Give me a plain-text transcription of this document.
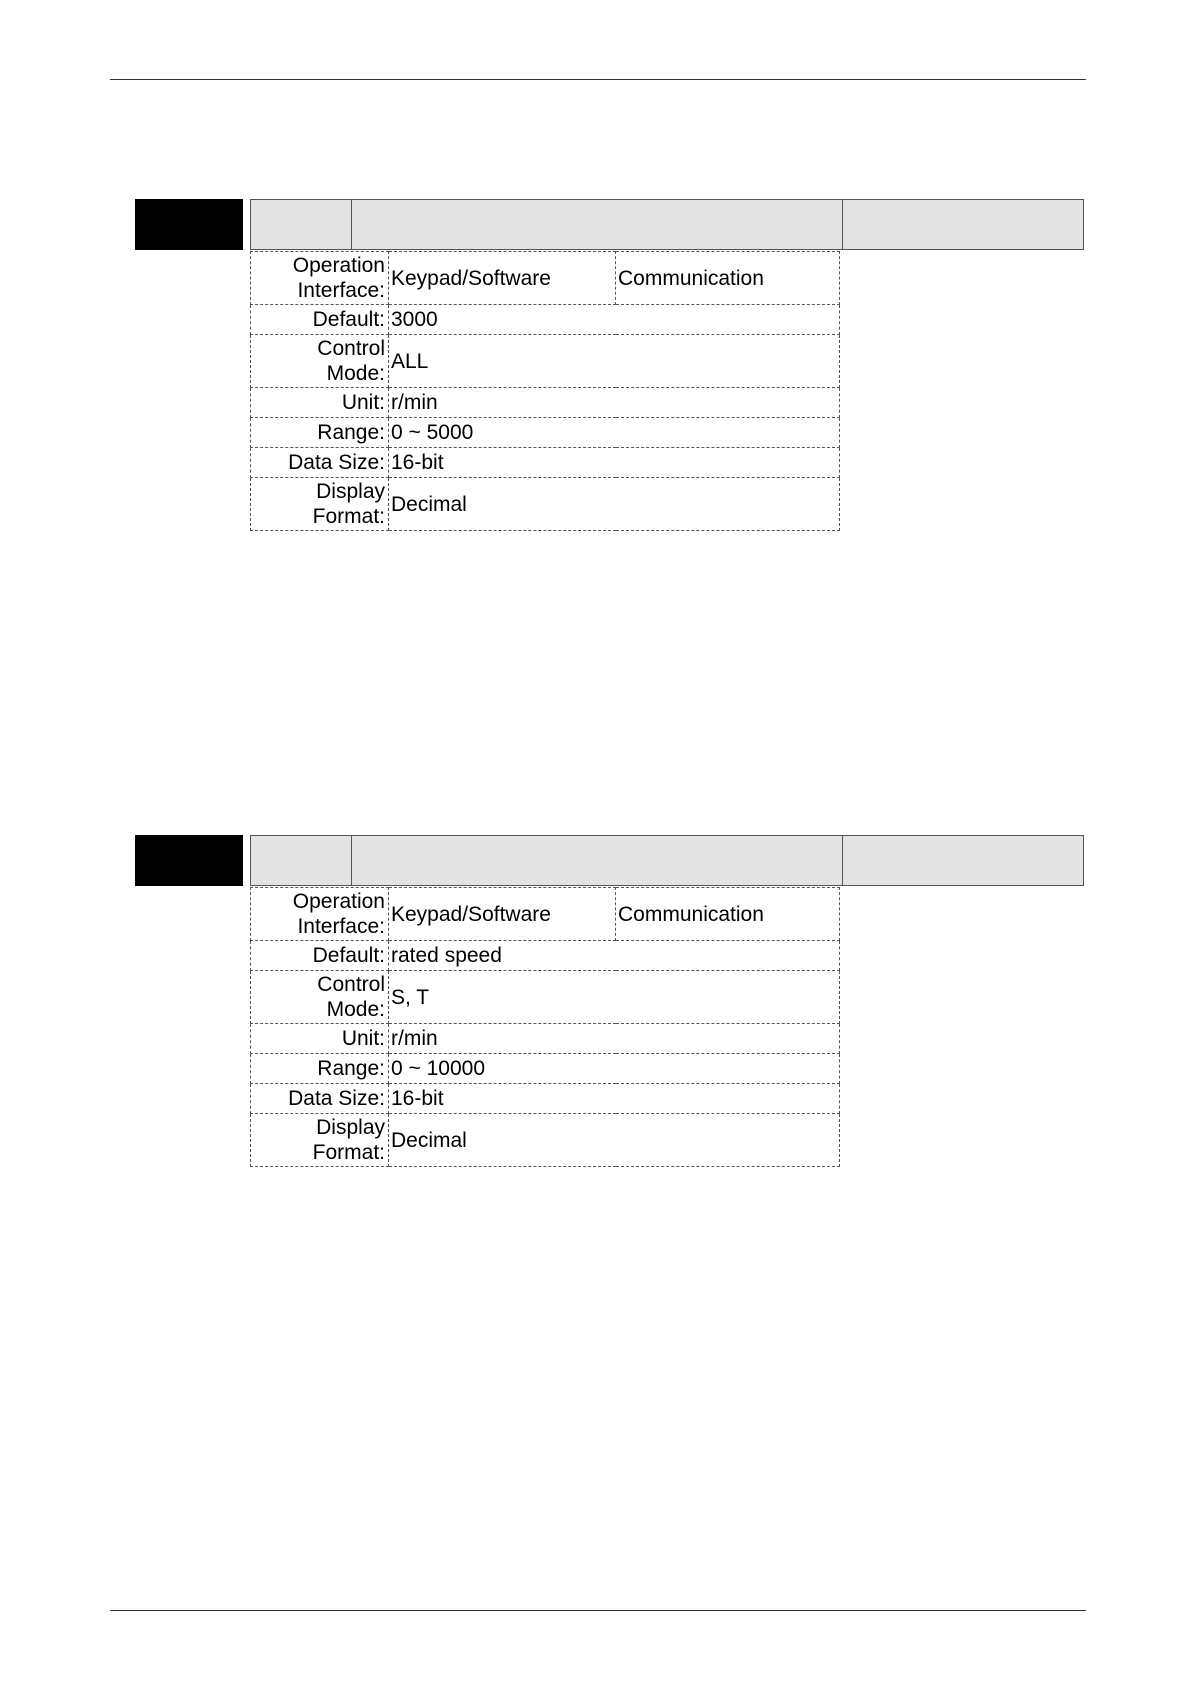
Operation
Interface:	Keypad/Software	Communication
Default:	3000	
Control
Mode:	ALL	
Unit:	r/min	
Range:	0 ~ 5000	
Data Size:	16-bit	
Display
Format:	Decimal	
Operation
Interface:	Keypad/Software	Communication
Default:	rated speed	
Control
Mode:	S, T	
Unit:	r/min	
Range:	0 ~ 10000	
Data Size:	16-bit	
Display
Format:	Decimal	
